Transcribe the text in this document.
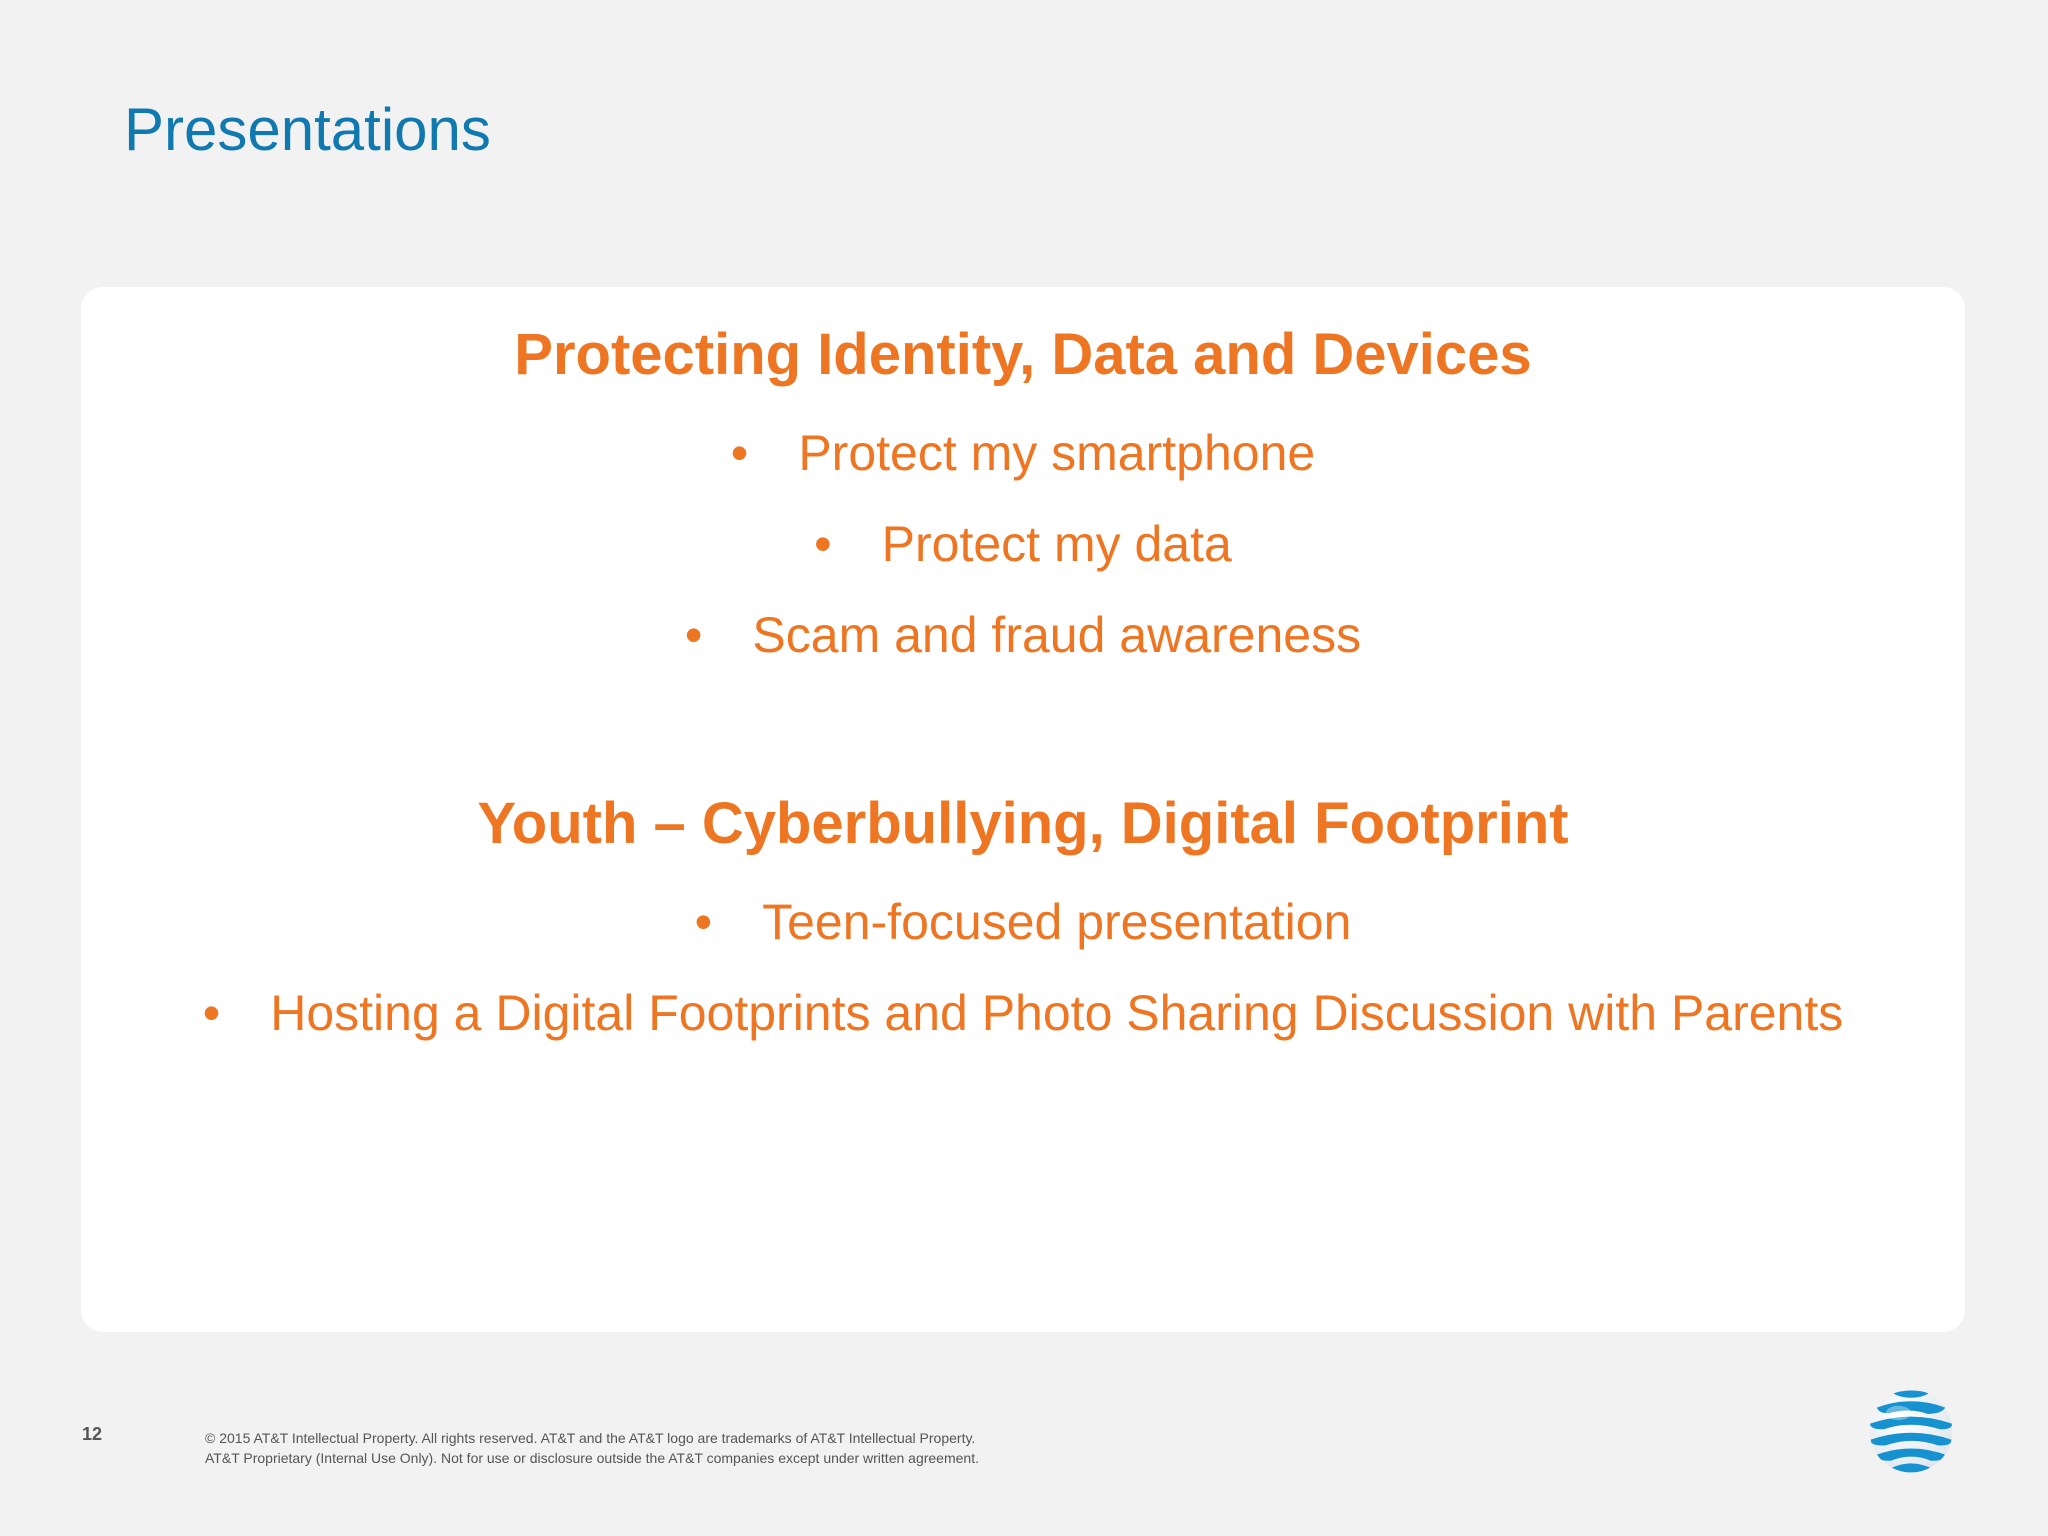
Presentations
Protecting Identity, Data and Devices
• Protect my smartphone
• Protect my data
• Scam and fraud awareness
Youth – Cyberbullying, Digital Footprint
• Teen-focused presentation
• Hosting a Digital Footprints and Photo Sharing Discussion with Parents
12	© 2015 AT&T Intellectual Property. All rights reserved. AT&T and the AT&T logo are trademarks of AT&T Intellectual Property.
AT&T Proprietary (Internal Use Only). Not for use or disclosure outside the AT&T companies except under written agreement.
